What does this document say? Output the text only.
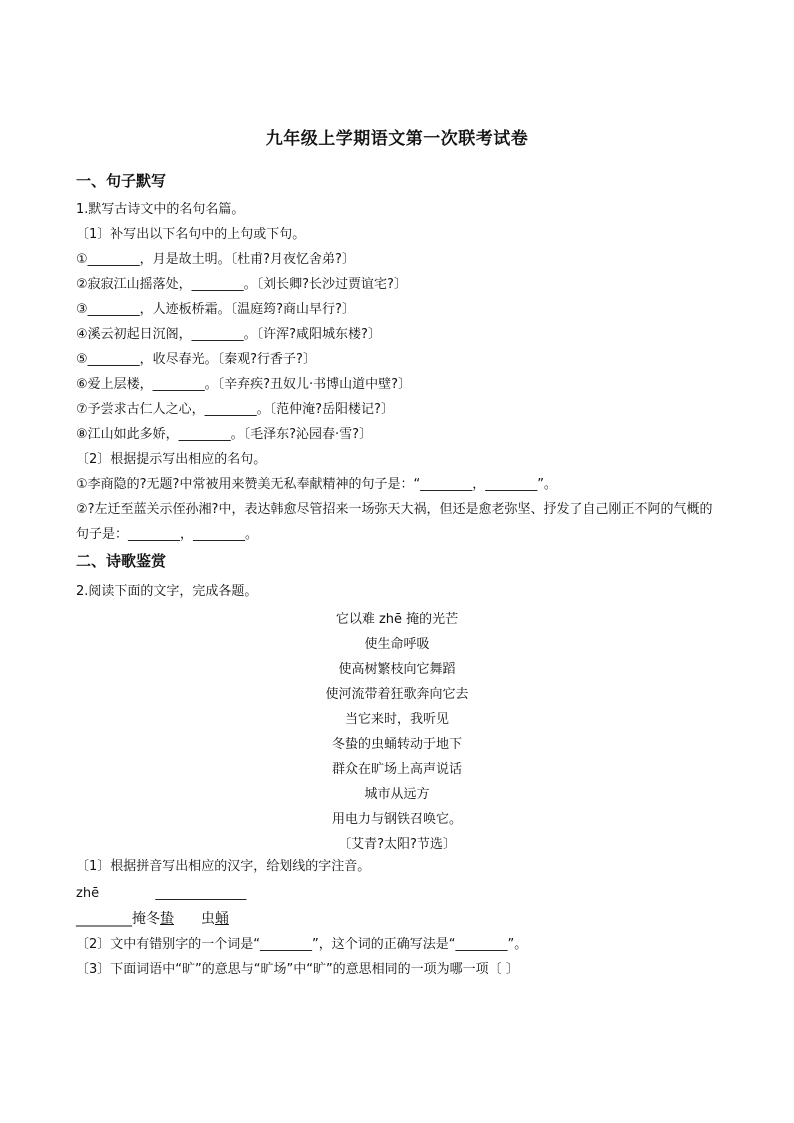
九年级上学期语文第一次联考试卷
一、句子默写
1.默写古诗文中的名句名篇。
〔1〕补写出以下名句中的上句或下句。
①________，月是故土明。〔杜甫?月夜忆舍弟?〕
②寂寂江山摇落处，________。〔刘长卿?长沙过贾谊宅?〕
③________，人迹板桥霜。〔温庭筠?商山早行?〕
④溪云初起日沉阁，________。〔许浑?咸阳城东楼?〕
⑤________，收尽春光。〔秦观?行香子?〕
⑥爱上层楼，________。〔辛弃疾?丑奴儿·书博山道中壁?〕
⑦予尝求古仁人之心，________。〔范仲淹?岳阳楼记?〕
⑧江山如此多娇，________。〔毛泽东?沁园春·雪?〕
〔2〕根据提示写出相应的名句。
①李商隐的?无题?中常被用来赞美无私奉献精神的句子是：“________，________”。
②?左迁至蓝关示侄孙湘?中，表达韩愈尽管招来一场弥天大祸，但还是愈老弥坚、抒发了自己刚正不阿的气概的句子是：________，________。
二、诗歌鉴赏
2.阅读下面的文字，完成各题。
它以难 zhē 掩的光芒
使生命呼吸
使高树繁枝向它舞蹈
使河流带着狂歌奔向它去
当它来时，我听见
冬蛰的虫蛹转动于地下
群众在旷场上高声说话
城市从远方
用电力与钢铁召唤它。
〔艾青?太阳?节选〕
〔1〕根据拼音写出相应的汉字，给划线的字注音。
zhē	______________
________掩冬蛰 虫蛹
〔2〕文中有错别字的一个词是“________”，这个词的正确写法是“________”。
〔3〕下面词语中“旷”的意思与“旷场”中“旷”的意思相同的一项为哪一项〔 〕
